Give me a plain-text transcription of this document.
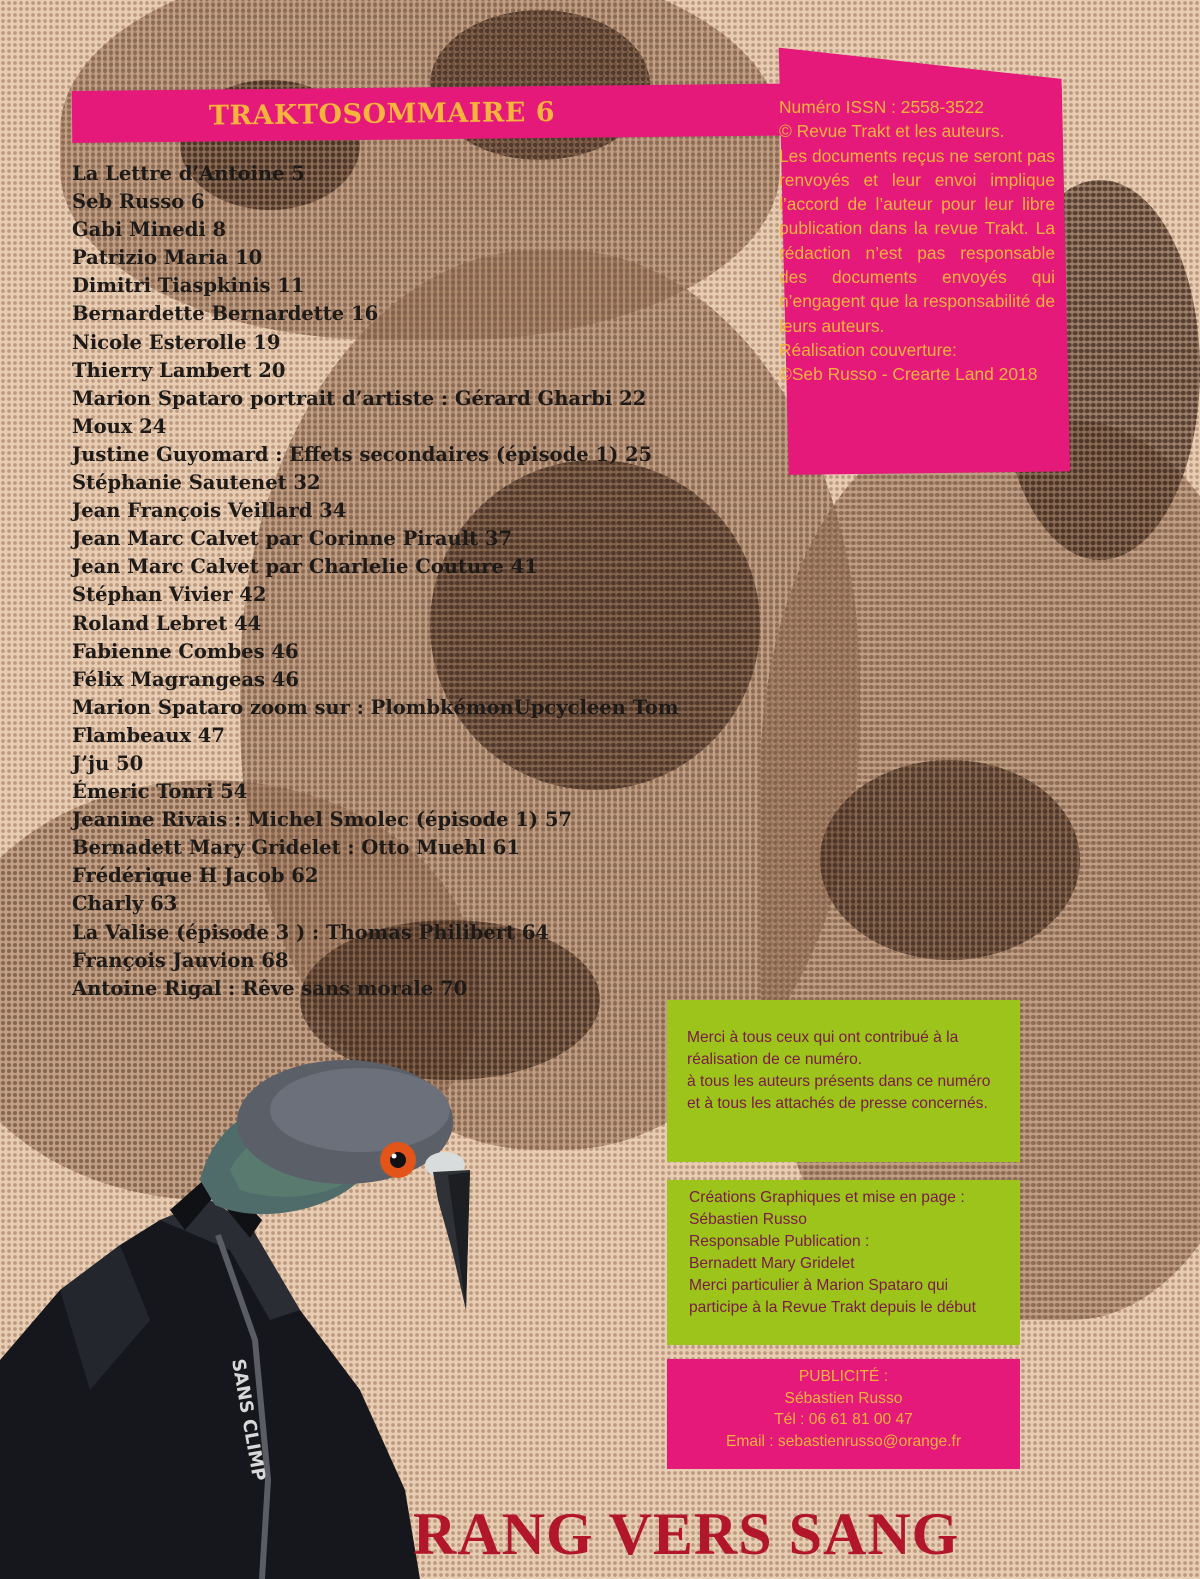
TRAKTOSOMMAIRE 6
La Lettre d’Antoine 5
Seb Russo 6
Gabi Minedi 8
Patrizio Maria 10
Dimitri Tiaspkinis 11
Bernardette Bernardette 16
Nicole Esterolle 19
Thierry Lambert 20
Marion Spataro portrait d’artiste : Gérard Gharbi 22
Moux 24
Justine Guyomard : Effets secondaires (épisode 1) 25
Stéphanie Sautenet 32
Jean François Veillard 34
Jean Marc Calvet par Corinne Pirault 37
Jean Marc Calvet par Charlelie Couture 41
Stéphan Vivier 42
Roland Lebret 44
Fabienne Combes 46
Félix Magrangeas 46
Marion Spataro zoom sur : PlombkémonUpcycleen Tom
Flambeaux 47
J’ju 50
Émeric Tonri 54
Jeanine Rivais : Michel Smolec (épisode 1) 57
Bernadett Mary Gridelet : Otto Muehl 61
Frédérique H Jacob 62
Charly 63
La Valise (épisode 3 ) : Thomas Philibert 64
François Jauvion 68
Antoine Rigal : Rêve sans morale 70
Numéro ISSN : 2558-3522
© Revue Trakt et les auteurs.
Les documents reçus ne seront pas renvoyés et leur envoi implique l’accord de l’auteur pour leur libre publication dans la revue Trakt. La rédaction n’est pas responsable des documents envoyés qui n’engagent que la responsabilité de leurs auteurs.
Réalisation couverture:
©Seb Russo - Crearte Land 2018
Merci à tous ceux qui ont contribué à la réalisation de ce numéro.
à tous les auteurs présents dans ce numéro et à tous les attachés de presse concernés.
Créations Graphiques et mise en page :
Sébastien Russo
Responsable Publication :
Bernadett Mary Gridelet
Merci particulier à Marion Spataro qui participe à la Revue Trakt depuis le début
PUBLICITÉ :
Sébastien Russo
Tél : 06 61 81 00 47
Email : sebastienrusso@orange.fr
SANS CLIMP
RANG VERS SANG
